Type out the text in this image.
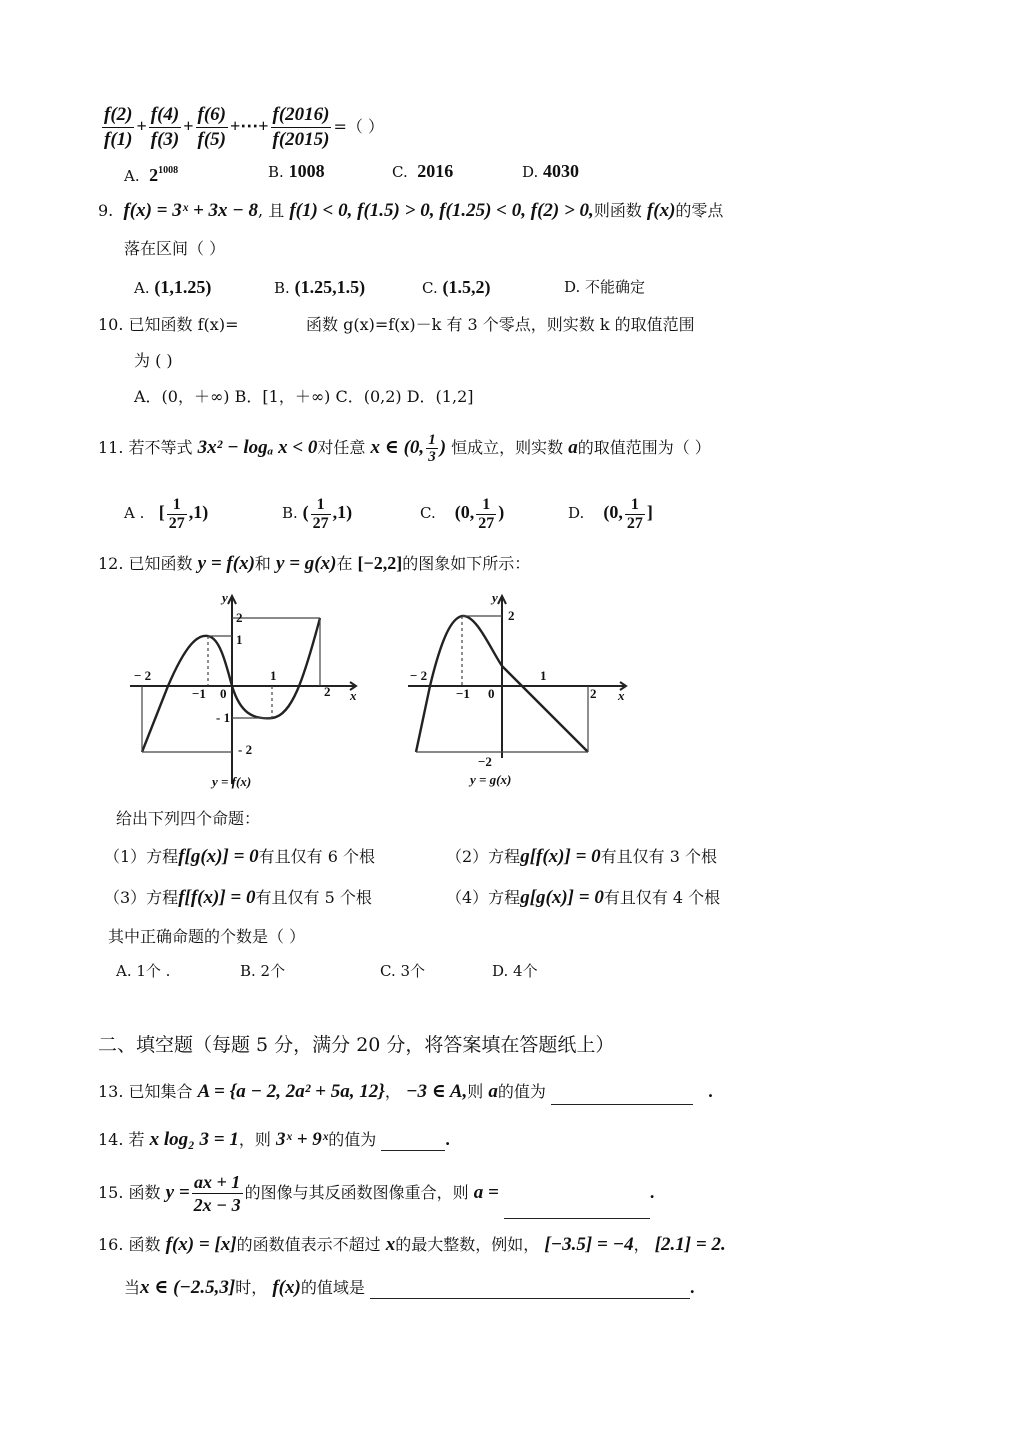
$\frac{f(2)}{f(1)} + \frac{f(4)}{f(3)} + \frac{f(6)}{f(5)}$ +⋯+ $\frac{f(2016)}{f(2015)}$ =（ ）
A. $2^{1008}$	B. 1008	C. 2016	D. 4030
9. f(x) = 3ˣ + 3x − 8, 且 f(1) < 0, f(1.5) > 0, f(1.25) < 0, f(2) > 0,则函数 f(x)的零点
落在区间（ ）
A. (1,1.25)	B. (1.25,1.5)	C. (1.5,2)	D. 不能确定
10. 已知函数 f(x)=	函数 g(x)=f(x)－k 有 3 个零点，则实数 k 的取值范围
为 ( )
A．(0，＋∞) B．[1，＋∞) C．(0,2) D．(1,2]
11. 若不等式 3x² − logₐ x < 0对任意 x ∈ (0, $\frac{1}{3}$ ) 恒成立，则实数 a的取值范围为（ ）
A . [ $\frac{1}{27} ,1$)	B. ( $\frac{1}{27} ,1$)	C. (0, $\frac{1}{27}$ )	D. (0, $\frac{1}{27}$ ]
12. 已知函数 y = f(x)和 y = g(x)在 [−2,2]的图象如下所示：
y
x
− 2
−1 0
1
2
2
1
- 1
- 2
y = f(x)
y
x
− 2
−1 0
1
2
2
−2
y = g(x)
给出下列四个命题：
（1）方程f[g(x)] = 0有且仅有 6 个根	（2）方程g[f(x)] = 0有且仅有 3 个根
（3）方程f[f(x)] = 0有且仅有 5 个根	（4）方程g[g(x)] = 0有且仅有 4 个根
其中正确命题的个数是（ ）
A. 1个 .	B. 2个	C. 3个	D. 4个
二、填空题（每题 5 分，满分 20 分，将答案填在答题纸上）
13. 已知集合 A = {a − 2, 2a² + 5a, 12}， −3 ∈ A,则 a的值为	.
14. 若 x log₂ 3 = 1，则 3ˣ + 9ˣ的值为	.
15. 函数 $y = \frac{ax + 1}{2x - 3}$ 的图像与其反函数图像重合，则 a =	.
16. 函数 f(x) = [x]的函数值表示不超过 x的最大整数，例如， [−3.5] = −4， [2.1] = 2.
当x ∈ (−2.5,3]时， f(x)的值域是	.
